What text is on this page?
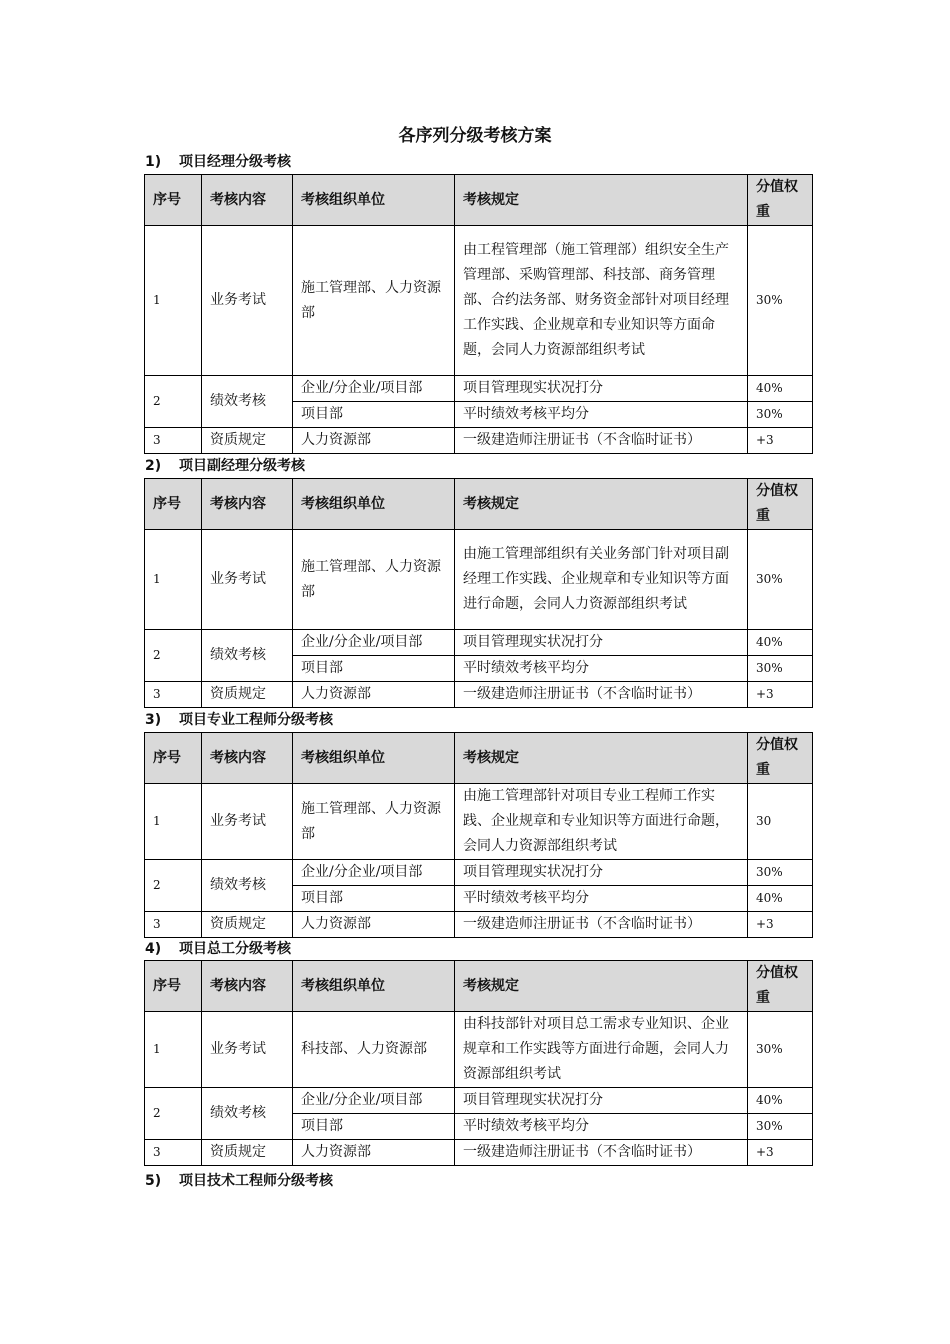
各序列分级考核方案
1) 项目经理分级考核
序号	考核内容	考核组织单位	考核规定	分值权重
1	业务考试	施工管理部、人力资源部	由工程管理部（施工管理部）组织安全生产管理部、采购管理部、科技部、商务管理部、合约法务部、财务资金部针对项目经理工作实践、企业规章和专业知识等方面命题，会同人力资源部组织考试	30%
2	绩效考核	企业/分企业/项目部	项目管理现实状况打分	40%
		项目部	平时绩效考核平均分	30%
3	资质规定	人力资源部	一级建造师注册证书（不含临时证书）	+3
2) 项目副经理分级考核
序号	考核内容	考核组织单位	考核规定	分值权重
1	业务考试	施工管理部、人力资源部	由施工管理部组织有关业务部门针对项目副经理工作实践、企业规章和专业知识等方面进行命题，会同人力资源部组织考试	30%
2	绩效考核	企业/分企业/项目部	项目管理现实状况打分	40%
		项目部	平时绩效考核平均分	30%
3	资质规定	人力资源部	一级建造师注册证书（不含临时证书）	+3
3) 项目专业工程师分级考核
序号	考核内容	考核组织单位	考核规定	分值权重
1	业务考试	施工管理部、人力资源部	由施工管理部针对项目专业工程师工作实践、企业规章和专业知识等方面进行命题，会同人力资源部组织考试	30
2	绩效考核	企业/分企业/项目部	项目管理现实状况打分	30%
		项目部	平时绩效考核平均分	40%
3	资质规定	人力资源部	一级建造师注册证书（不含临时证书）	+3
4) 项目总工分级考核
序号	考核内容	考核组织单位	考核规定	分值权重
1	业务考试	科技部、人力资源部	由科技部针对项目总工需求专业知识、企业规章和工作实践等方面进行命题，会同人力资源部组织考试	30%
2	绩效考核	企业/分企业/项目部	项目管理现实状况打分	40%
		项目部	平时绩效考核平均分	30%
3	资质规定	人力资源部	一级建造师注册证书（不含临时证书）	+3
5) 项目技术工程师分级考核
